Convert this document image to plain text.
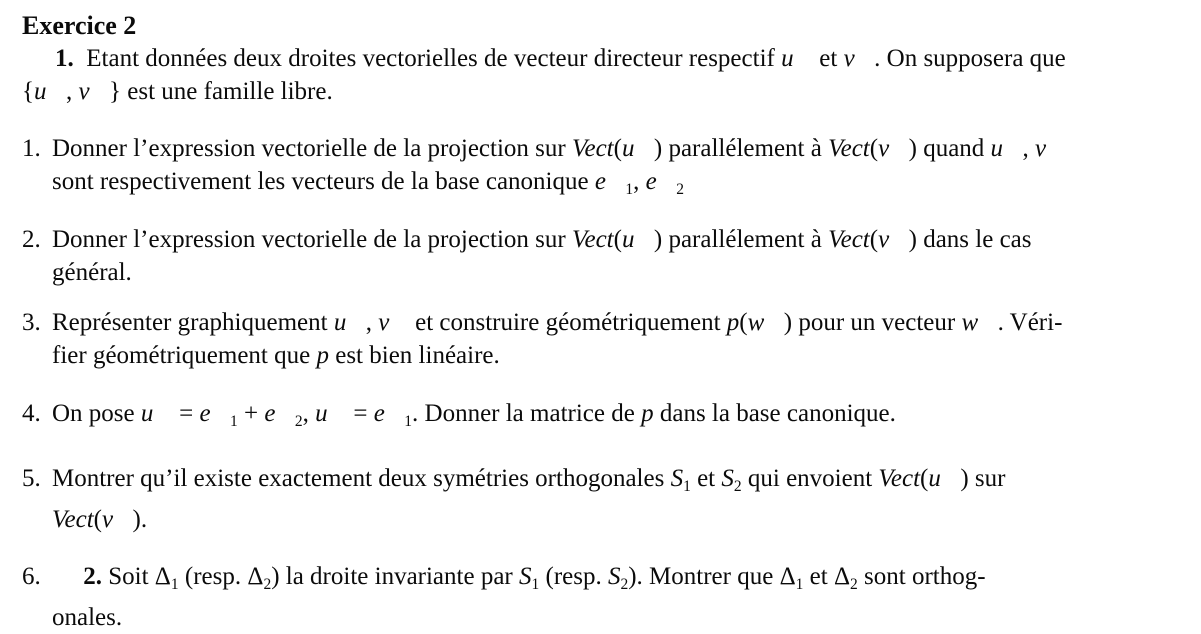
Exercice 2
1.  Etant données deux droites vectorielles de vecteur directeur respectif u⃗ et v⃗. On supposera que
{u⃗, v⃗} est une famille libre.
1. Donner l’expression vectorielle de la projection sur Vect(u⃗) parallélement à Vect(v⃗) quand u⃗, v⃗
sont respectivement les vecteurs de la base canonique e⃗1, e⃗2
2. Donner l’expression vectorielle de la projection sur Vect(u⃗) parallélement à Vect(v⃗) dans le cas
général.
3. Représenter graphiquement u⃗, v⃗ et construire géométriquement p(w⃗) pour un vecteur w⃗. Véri-
fier géométriquement que p est bien linéaire.
4. On pose u⃗ = e⃗1 + e⃗2, u⃗ = e⃗1. Donner la matrice de p dans la base canonique.
5. Montrer qu’il existe exactement deux symétries orthogonales S1 et S2 qui envoient Vect(u⃗) sur
Vect(v⃗).
6.	2. Soit Δ1 (resp. Δ2) la droite invariante par S1 (resp. S2). Montrer que Δ1 et Δ2 sont orthog-
onales.
